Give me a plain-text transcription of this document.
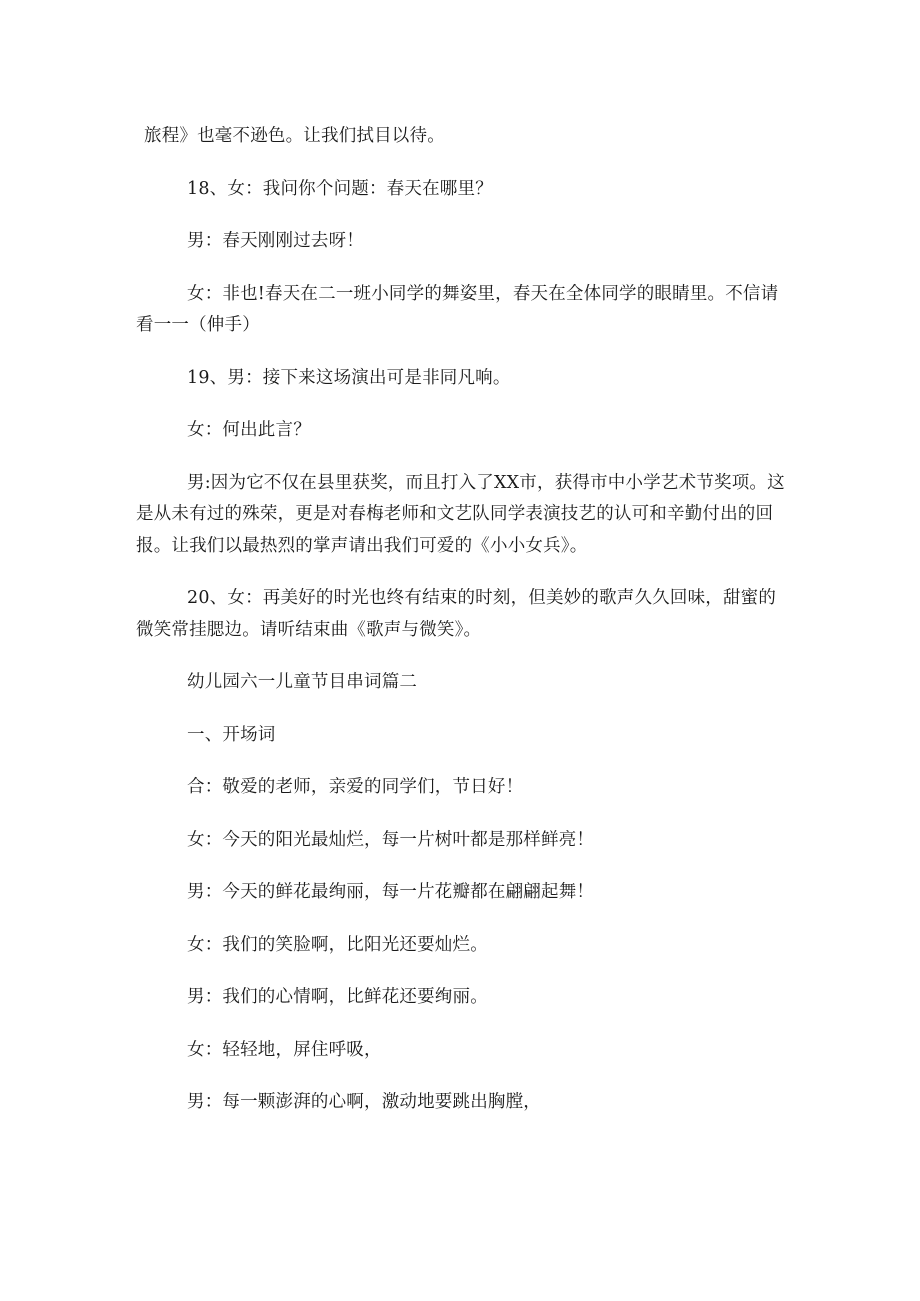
旅程》也毫不逊色。让我们拭目以待。

18、女：我问你个问题：春天在哪里？

男：春天刚刚过去呀！

女：非也!春天在二一班小同学的舞姿里，春天在全体同学的眼睛里。不信请看一一（伸手）

19、男：接下来这场演出可是非同凡响。

女：何出此言？

男:因为它不仅在县里获奖，而且打入了XX市，获得市中小学艺术节奖项。这是从未有过的殊荣，更是对春梅老师和文艺队同学表演技艺的认可和辛勤付出的回报。让我们以最热烈的掌声请出我们可爱的《小小女兵》。

20、女：再美好的时光也终有结束的时刻，但美妙的歌声久久回味，甜蜜的微笑常挂腮边。请听结束曲《歌声与微笑》。

幼儿园六一儿童节目串词篇二

一、开场词

合：敬爱的老师，亲爱的同学们，节日好！

女：今天的阳光最灿烂，每一片树叶都是那样鲜亮！

男：今天的鲜花最绚丽，每一片花瓣都在翩翩起舞！

女：我们的笑脸啊，比阳光还要灿烂。

男：我们的心情啊，比鲜花还要绚丽。

女：轻轻地，屏住呼吸，

男：每一颗澎湃的心啊，激动地要跳出胸膛，
